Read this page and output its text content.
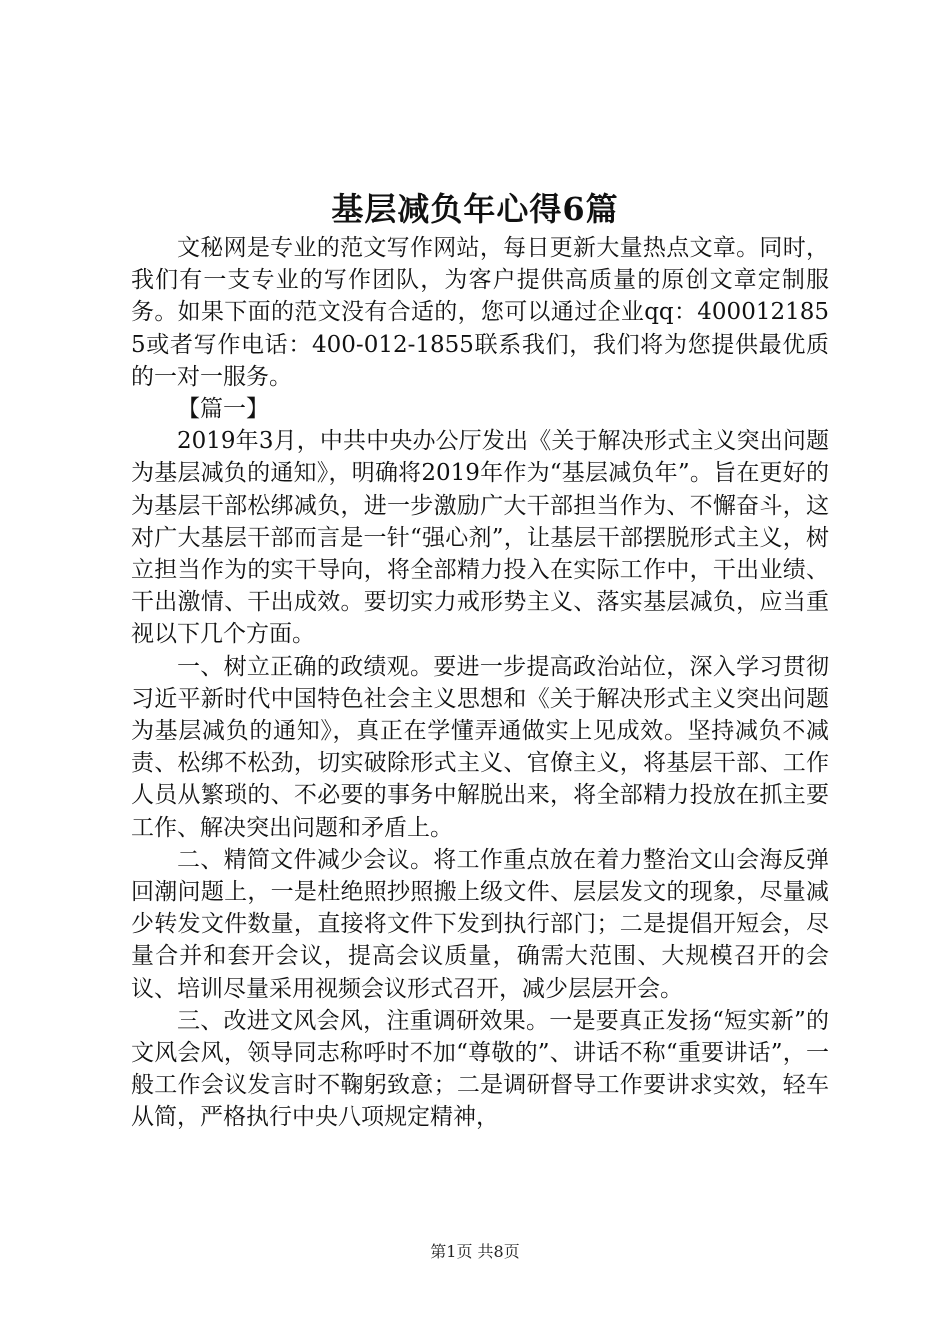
基层减负年心得6篇

文秘网是专业的范文写作网站，每日更新大量热点文章。同时，我们有一支专业的写作团队，为客户提供高质量的原创文章定制服务。如果下面的范文没有合适的，您可以通过企业qq：4000121855或者写作电话：400-012-1855联系我们，我们将为您提供最优质的一对一服务。

【篇一】

2019年3月，中共中央办公厅发出《关于解决形式主义突出问题为基层减负的通知》，明确将2019年作为“基层减负年”。旨在更好的为基层干部松绑减负，进一步激励广大干部担当作为、不懈奋斗，这对广大基层干部而言是一针“强心剂”，让基层干部摆脱形式主义，树立担当作为的实干导向，将全部精力投入在实际工作中，干出业绩、干出激情、干出成效。要切实力戒形势主义、落实基层减负，应当重视以下几个方面。

一、树立正确的政绩观。要进一步提高政治站位，深入学习贯彻习近平新时代中国特色社会主义思想和《关于解决形式主义突出问题为基层减负的通知》，真正在学懂弄通做实上见成效。坚持减负不减责、松绑不松劲，切实破除形式主义、官僚主义，将基层干部、工作人员从繁琐的、不必要的事务中解脱出来，将全部精力投放在抓主要工作、解决突出问题和矛盾上。

二、精简文件减少会议。将工作重点放在着力整治文山会海反弹回潮问题上，一是杜绝照抄照搬上级文件、层层发文的现象，尽量减少转发文件数量，直接将文件下发到执行部门；二是提倡开短会，尽量合并和套开会议，提高会议质量，确需大范围、大规模召开的会议、培训尽量采用视频会议形式召开，减少层层开会。

三、改进文风会风，注重调研效果。一是要真正发扬“短实新”的文风会风，领导同志称呼时不加“尊敬的”、讲话不称“重要讲话”，一般工作会议发言时不鞠躬致意；二是调研督导工作要讲求实效，轻车从简，严格执行中央八项规定精神，

第1页 共8页
